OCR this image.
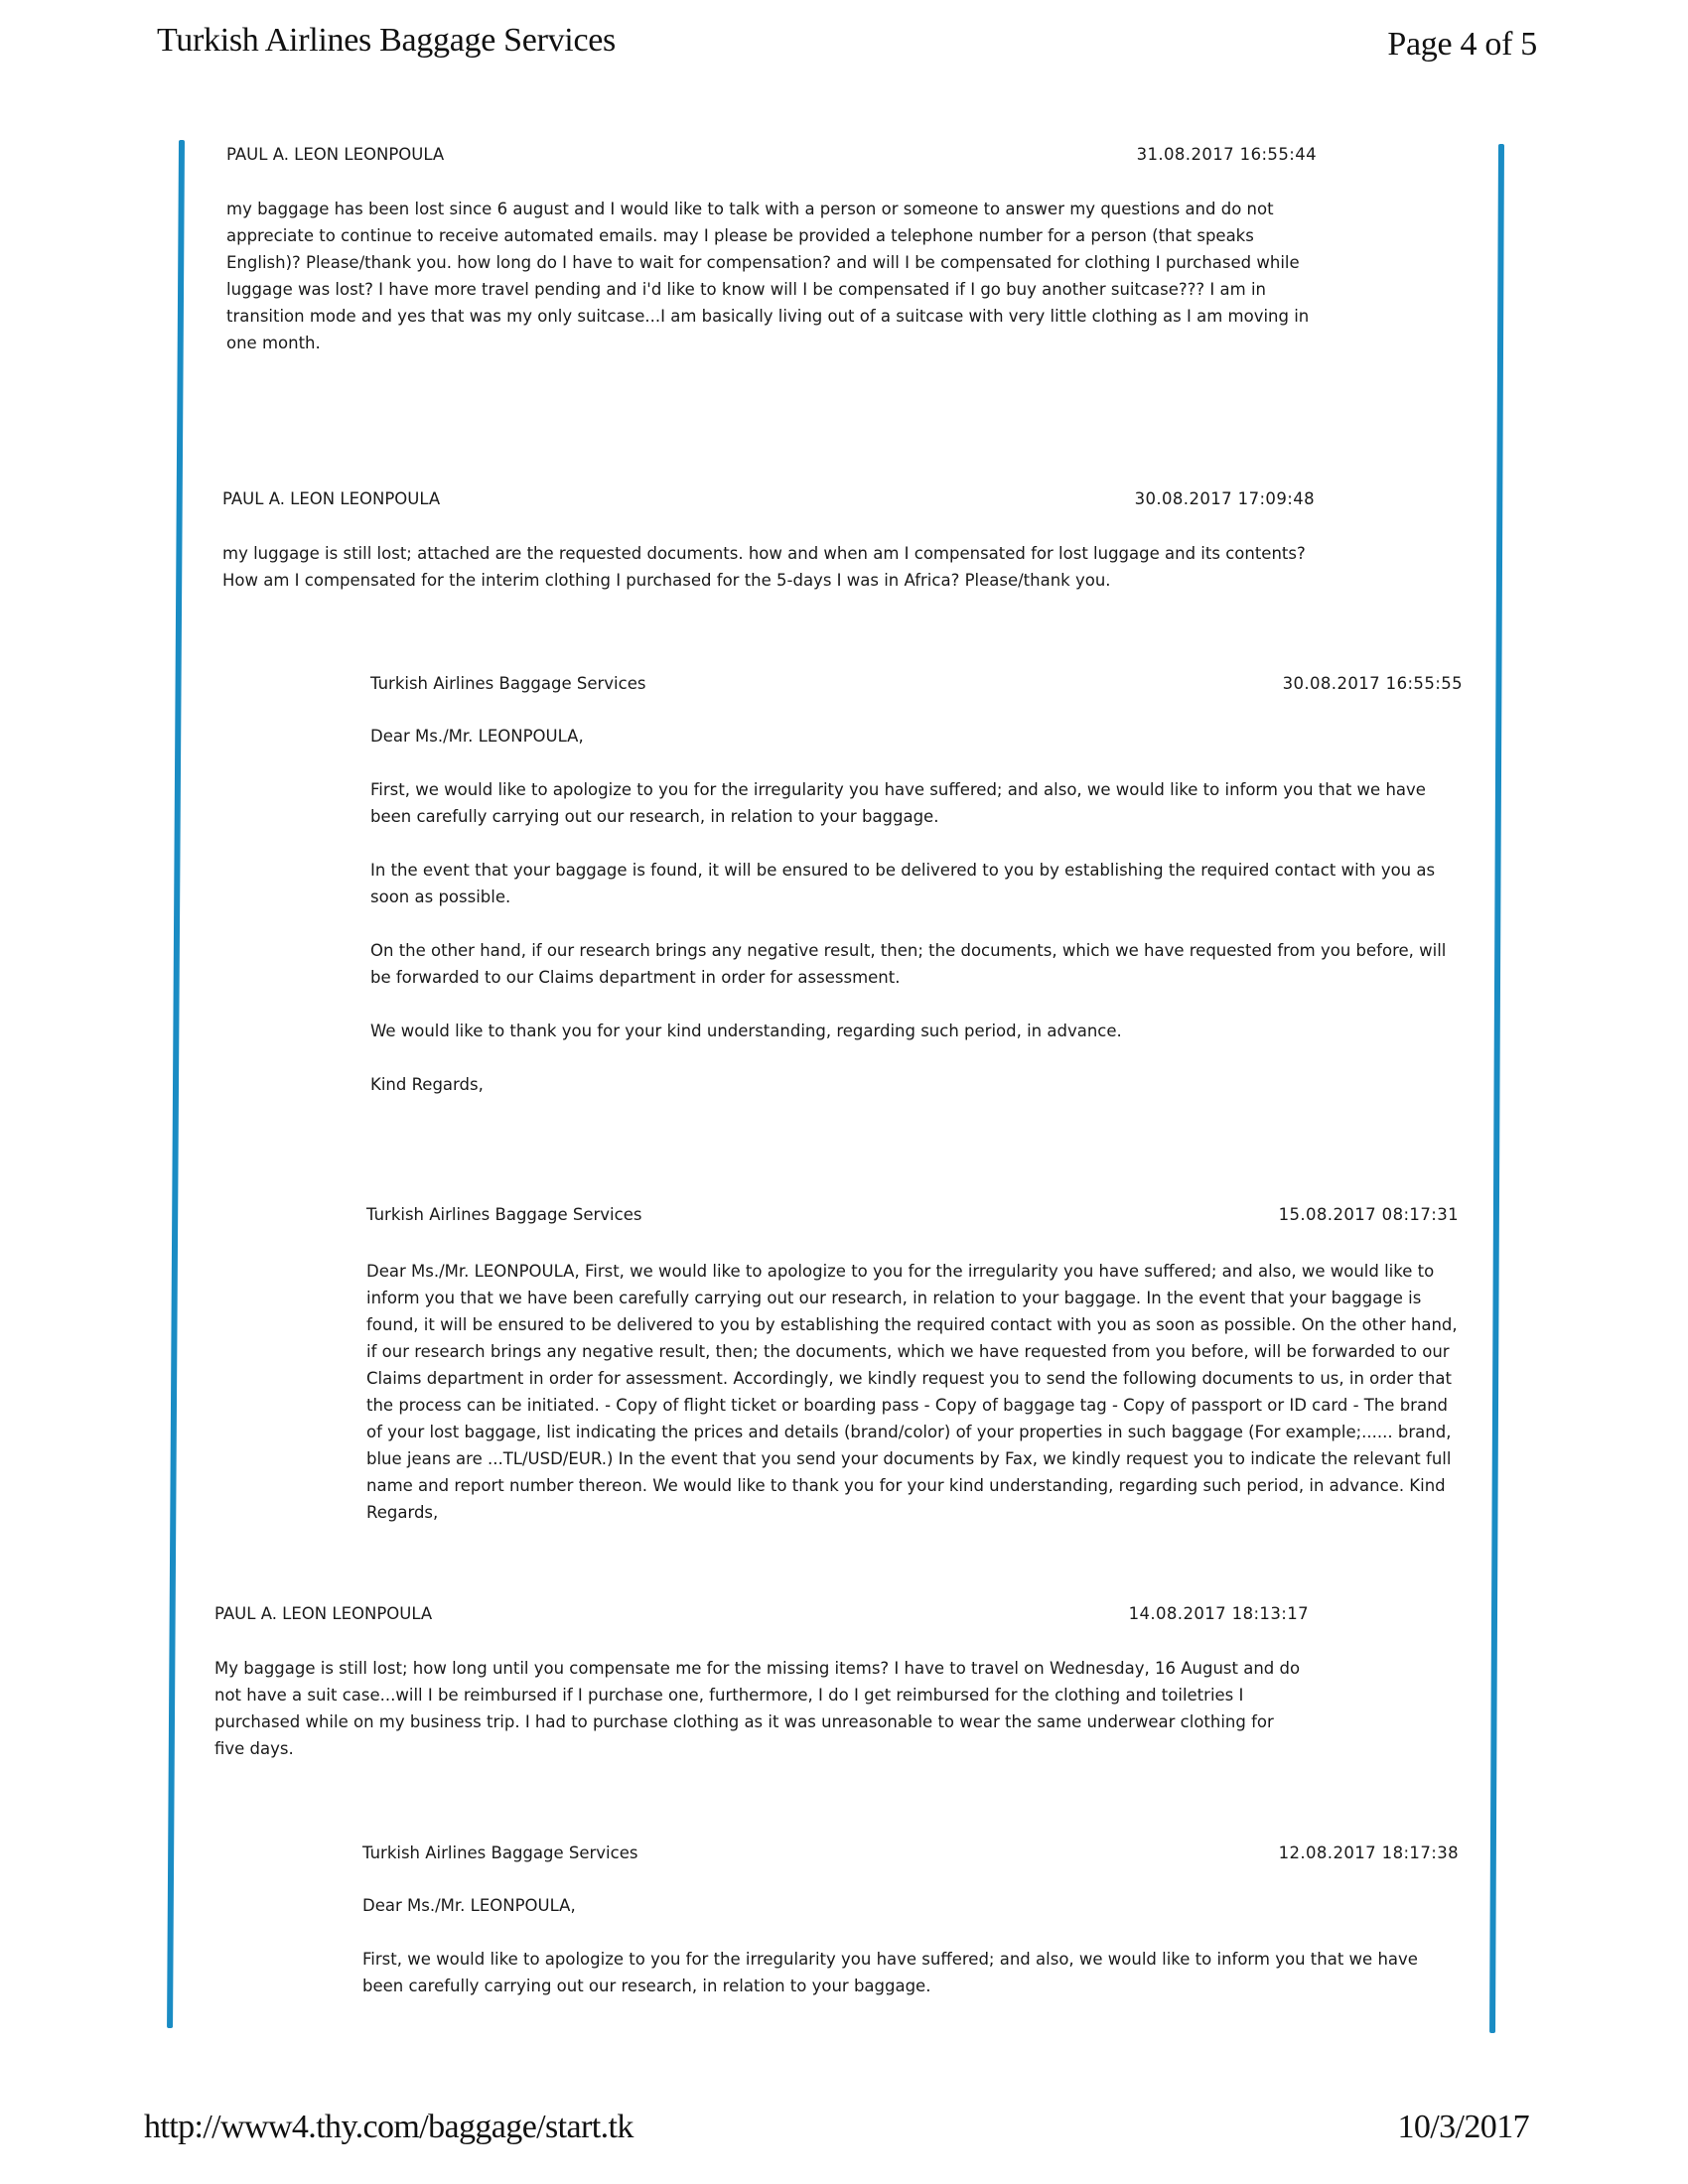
Turkish Airlines Baggage Services	Page 4 of 5
PAUL A. LEON LEONPOULA	31.08.2017 16:55:44

my baggage has been lost since 6 august and I would like to talk with a person or someone to answer my questions and do not appreciate to continue to receive automated emails. may I please be provided a telephone number for a person (that speaks English)? Please/thank you. how long do I have to wait for compensation? and will I be compensated for clothing I purchased while luggage was lost? I have more travel pending and i'd like to know will I be compensated if I go buy another suitcase??? I am in transition mode and yes that was my only suitcase...I am basically living out of a suitcase with very little clothing as I am moving in one month.

PAUL A. LEON LEONPOULA	30.08.2017 17:09:48

my luggage is still lost; attached are the requested documents. how and when am I compensated for lost luggage and its contents? How am I compensated for the interim clothing I purchased for the 5-days I was in Africa? Please/thank you.

Turkish Airlines Baggage Services	30.08.2017 16:55:55

Dear Ms./Mr. LEONPOULA,

First, we would like to apologize to you for the irregularity you have suffered; and also, we would like to inform you that we have been carefully carrying out our research, in relation to your baggage.

In the event that your baggage is found, it will be ensured to be delivered to you by establishing the required contact with you as soon as possible.

On the other hand, if our research brings any negative result, then; the documents, which we have requested from you before, will be forwarded to our Claims department in order for assessment.

We would like to thank you for your kind understanding, regarding such period, in advance.

Kind Regards,

Turkish Airlines Baggage Services	15.08.2017 08:17:31

Dear Ms./Mr. LEONPOULA, First, we would like to apologize to you for the irregularity you have suffered; and also, we would like to inform you that we have been carefully carrying out our research, in relation to your baggage. In the event that your baggage is found, it will be ensured to be delivered to you by establishing the required contact with you as soon as possible. On the other hand, if our research brings any negative result, then; the documents, which we have requested from you before, will be forwarded to our Claims department in order for assessment. Accordingly, we kindly request you to send the following documents to us, in order that the process can be initiated. - Copy of flight ticket or boarding pass - Copy of baggage tag - Copy of passport or ID card - The brand of your lost baggage, list indicating the prices and details (brand/color) of your properties in such baggage (For example;...... brand, blue jeans are ...TL/USD/EUR.) In the event that you send your documents by Fax, we kindly request you to indicate the relevant full name and report number thereon. We would like to thank you for your kind understanding, regarding such period, in advance. Kind Regards,

PAUL A. LEON LEONPOULA	14.08.2017 18:13:17

My baggage is still lost; how long until you compensate me for the missing items? I have to travel on Wednesday, 16 August and do not have a suit case...will I be reimbursed if I purchase one, furthermore, I do I get reimbursed for the clothing and toiletries I purchased while on my business trip. I had to purchase clothing as it was unreasonable to wear the same underwear clothing for five days.

Turkish Airlines Baggage Services	12.08.2017 18:17:38

Dear Ms./Mr. LEONPOULA,

First, we would like to apologize to you for the irregularity you have suffered; and also, we would like to inform you that we have been carefully carrying out our research, in relation to your baggage.

http://www4.thy.com/baggage/start.tk	10/3/2017
